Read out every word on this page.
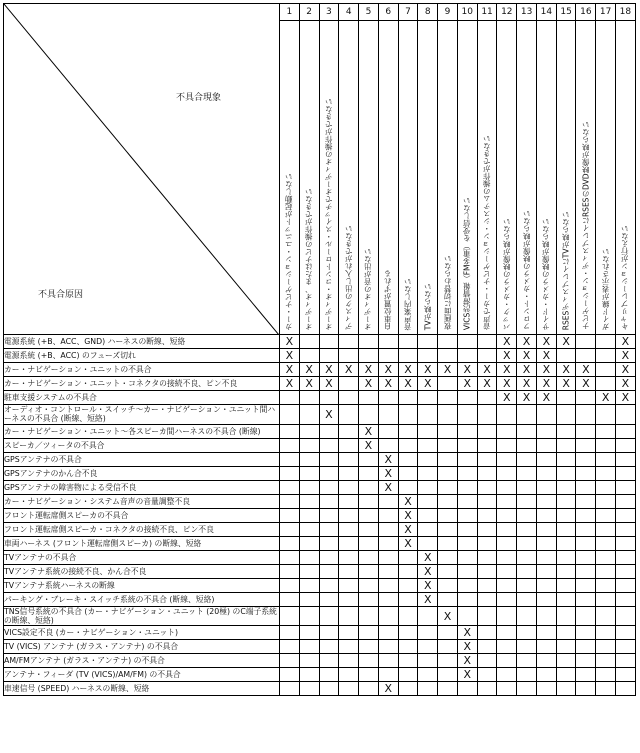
不具合現象
不具合原因	1	2	3	4	5	6	7	8	9	10	11	12	13	14	15	16	17	18

	カー・ナビゲーション・ユニットが起動しない	オーディオ、またはナビの操作ができない	オーディオ・コントロール・スイッチでオーディオの操作ができない	ディスクの出し入れができない	オーディオの音が出ない	自車位置がずれる	音声案内しない	TVが映らない	夜画面に切替わらない	VICS渋滞情報（FM多重）を受信しない	音声でカー・ナビゲーション・システムの操作ができない	バック・カメラの映像が映らない	フロント・カメラの映像が映らない	サイド・カメラの映像が映らない	RSESディスプレイにTVが映らない	ナビゲーション・ディスプレイにRSESのDVD映像が映らない	ガイド線が表示されない	キャリブレーションが行えない

電源系統 (+B、ACC、GND) ハーネスの断線、短絡	X											X	X	X	X			X
電源系統 (+B、ACC) のフューズ切れ	X											X	X	X				X
カー・ナビゲーション・ユニットの不具合	X	X	X	X	X	X	X	X	X	X	X	X	X	X	X	X		X
カー・ナビゲーション・ユニット・コネクタの接続不良、ピン不良	X	X	X		X	X	X	X		X	X	X	X	X	X	X		X
駐車支援システムの不具合												X	X	X			X	X
オーディオ・コントロール・スイッチ～カー・ナビゲーション・ユニット間ハーネスの不具合 (断線、短絡)			X															
カー・ナビゲーション・ユニット～各スピーカ間ハーネスの不具合 (断線)					X													
スピーカ／ツィータの不具合					X													
GPSアンテナの不具合						X												
GPSアンテナのかん合不良						X												
GPSアンテナの障害物による受信不良						X												
カー・ナビゲーション・システム音声の音量調整不良							X											
フロント運転席側スピーカの不具合							X											
フロント運転席側スピーカ・コネクタの接続不良、ピン不良							X											
車両ハーネス (フロント運転席側スピーカ) の断線、短絡							X											
TVアンテナの不具合								X										
TVアンテナ系統の接続不良、かん合不良								X										
TVアンテナ系統ハーネスの断線								X										
パーキング・ブレーキ・スイッチ系統の不具合 (断線、短絡)								X										
TNS信号系統の不具合 (カー・ナビゲーション・ユニット (20極) のC端子系統の断線、短絡)									X									
VICS設定不良 (カー・ナビゲーション・ユニット)										X								
TV (VICS) アンテナ (ガラス・アンテナ) の不具合										X								
AM/FMアンテナ (ガラス・アンテナ) の不具合										X								
アンテナ・フィーダ (TV (VICS)/AM/FM) の不具合										X								
車速信号 (SPEED) ハーネスの断線、短絡						X												
